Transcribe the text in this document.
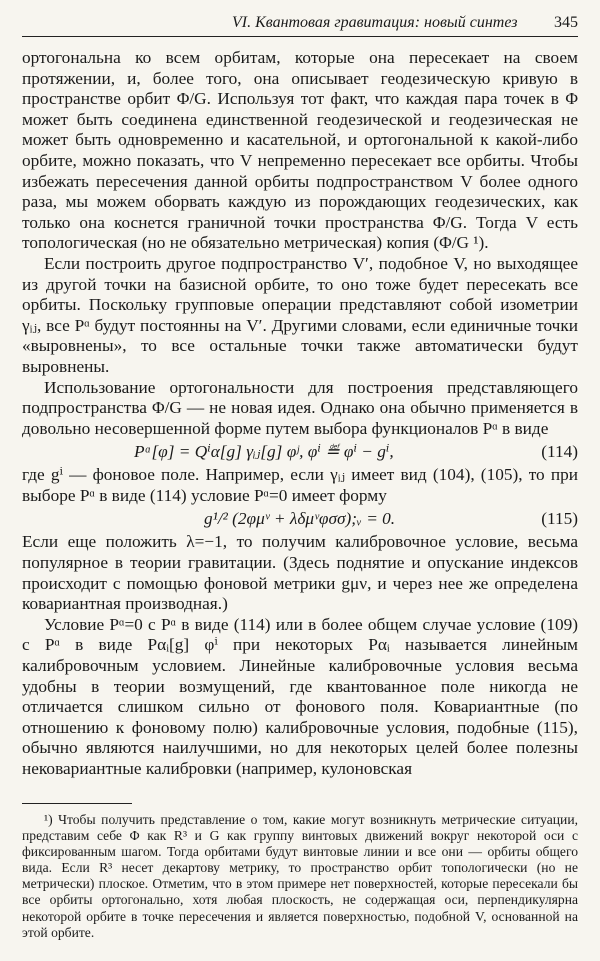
VI. Квантовая гравитация: новый синтез 345

ортогональна ко всем орбитам, которые она пересекает на своем протяжении, и, более того, она описывает геодезическую кривую в пространстве орбит Φ/G. Используя тот факт, что каждая пара точек в Φ может быть соединена единственной геодезической и геодезическая не может быть одновременно и касательной, и ортогональной к какой-либо орбите, можно показать, что V непременно пересекает все орбиты. Чтобы избежать пересечения данной орбиты подпространством V более одного раза, мы можем оборвать каждую из порождающих геодезических, как только она коснется граничной точки пространства Φ/G. Тогда V есть топологическая (но не обязательно метрическая) копия (Φ/G ¹).

Если построить другое подпространство V′, подобное V, но выходящее из другой точки на базисной орбите, то оно тоже будет пересекать все орбиты. Поскольку групповые операции представляют собой изометрии γᵢⱼ, все Pᵅ будут постоянны на V′. Другими словами, если единичные точки «выровнены», то все остальные точки также автоматически будут выровнены.

Использование ортогональности для построения представляющего подпространства Φ/G — не новая идея. Однако она обычно применяется в довольно несовершенной форме путем выбора функционалов Pᵅ в виде

Pᵅ[φ] = Qⁱα[g] γᵢⱼ[g] φʲ, φⁱ ≝ φⁱ − gⁱ,	(114)

где gⁱ — фоновое поле. Например, если γᵢⱼ имеет вид (104), (105), то при выборе Pᵅ в виде (114) условие Pᵅ=0 имеет форму

g¹/² (2φμᵛ + λδμᵛφσσ);ᵥ = 0.	(115)

Если еще положить λ=−1, то получим калибровочное условие, весьма популярное в теории гравитации. (Здесь поднятие и опускание индексов происходит с помощью фоновой метрики gμν, и через нее же определена ковариантная производная.)

Условие Pᵅ=0 с Pᵅ в виде (114) или в более общем случае условие (109) с Pᵅ в виде Pαᵢ[g] φⁱ при некоторых Pαᵢ называется линейным калибровочным условием. Линейные калибровочные условия весьма удобны в теории возмущений, где квантованное поле никогда не отличается слишком сильно от фонового поля. Ковариантные (по отношению к фоновому полю) калибровочные условия, подобные (115), обычно являются наилучшими, но для некоторых целей более полезны нековариантные калибровки (например, кулоновская

¹) Чтобы получить представление о том, какие могут возникнуть метрические ситуации, представим себе Φ как R³ и G как группу винтовых движений вокруг некоторой оси с фиксированным шагом. Тогда орбитами будут винтовые линии и все они — орбиты общего вида. Если R³ несет декартову метрику, то пространство орбит топологически (но не метрически) плоское. Отметим, что в этом примере нет поверхностей, которые пересекали бы все орбиты ортогонально, хотя любая плоскость, не содержащая оси, перпендикулярна некоторой орбите в точке пересечения и является поверхностью, подобной V, основанной на этой орбите.
